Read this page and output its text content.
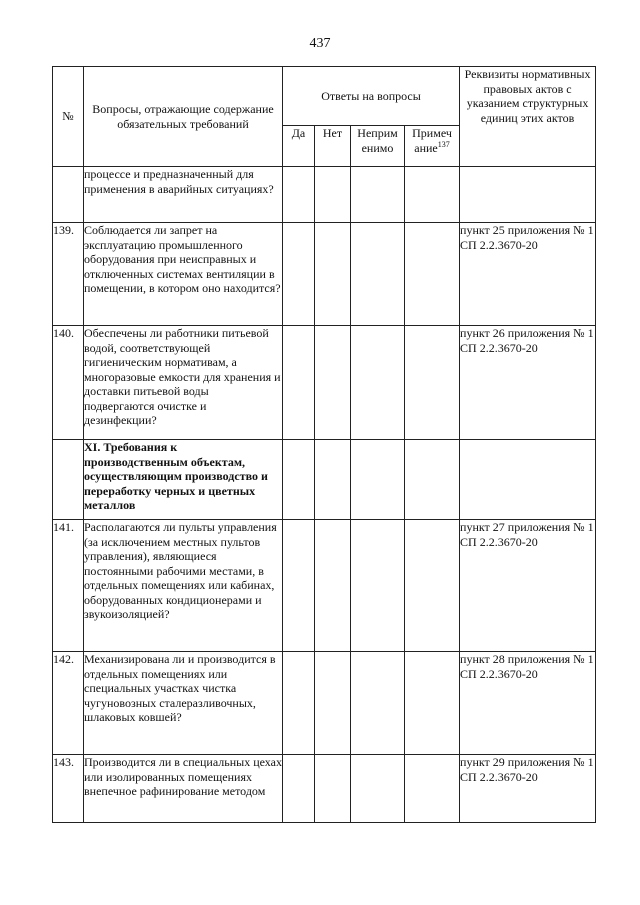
437
№	Вопросы, отражающие содержание обязательных требований	Ответы на вопросы				Реквизиты нормативных правовых актов с указанием структурных единиц этих актов
		Да	Нет	Неприм енимо	Примеч ание$^{137}$
	процессе и предназначенный для применения в аварийных ситуациях?					
139.	Соблюдается ли запрет на эксплуатацию промышленного оборудования при неисправных и отключенных системах вентиляции в помещении, в котором оно находится?					пункт 25 приложения № 1 СП 2.2.3670-20
140.	Обеспечены ли работники питьевой водой, соответствующей гигиеническим нормативам, а многоразовые емкости для хранения и доставки питьевой воды подвергаются очистке и дезинфекции?					пункт 26 приложения № 1 СП 2.2.3670-20
	XI. Требования к производственным объектам, осуществляющим производство и переработку черных и цветных металлов					
141.	Располагаются ли пульты управления (за исключением местных пультов управления), являющиеся постоянными рабочими местами, в отдельных помещениях или кабинах, оборудованных кондиционерами и звукоизоляцией?					пункт 27 приложения № 1 СП 2.2.3670-20
142.	Механизирована ли и производится в отдельных помещениях или специальных участках чистка чугуновозных сталеразливочных, шлаковых ковшей?					пункт 28 приложения № 1 СП 2.2.3670-20
143.	Производится ли в специальных цехах или изолированных помещениях внепечное рафинирование методом					пункт 29 приложения № 1 СП 2.2.3670-20
